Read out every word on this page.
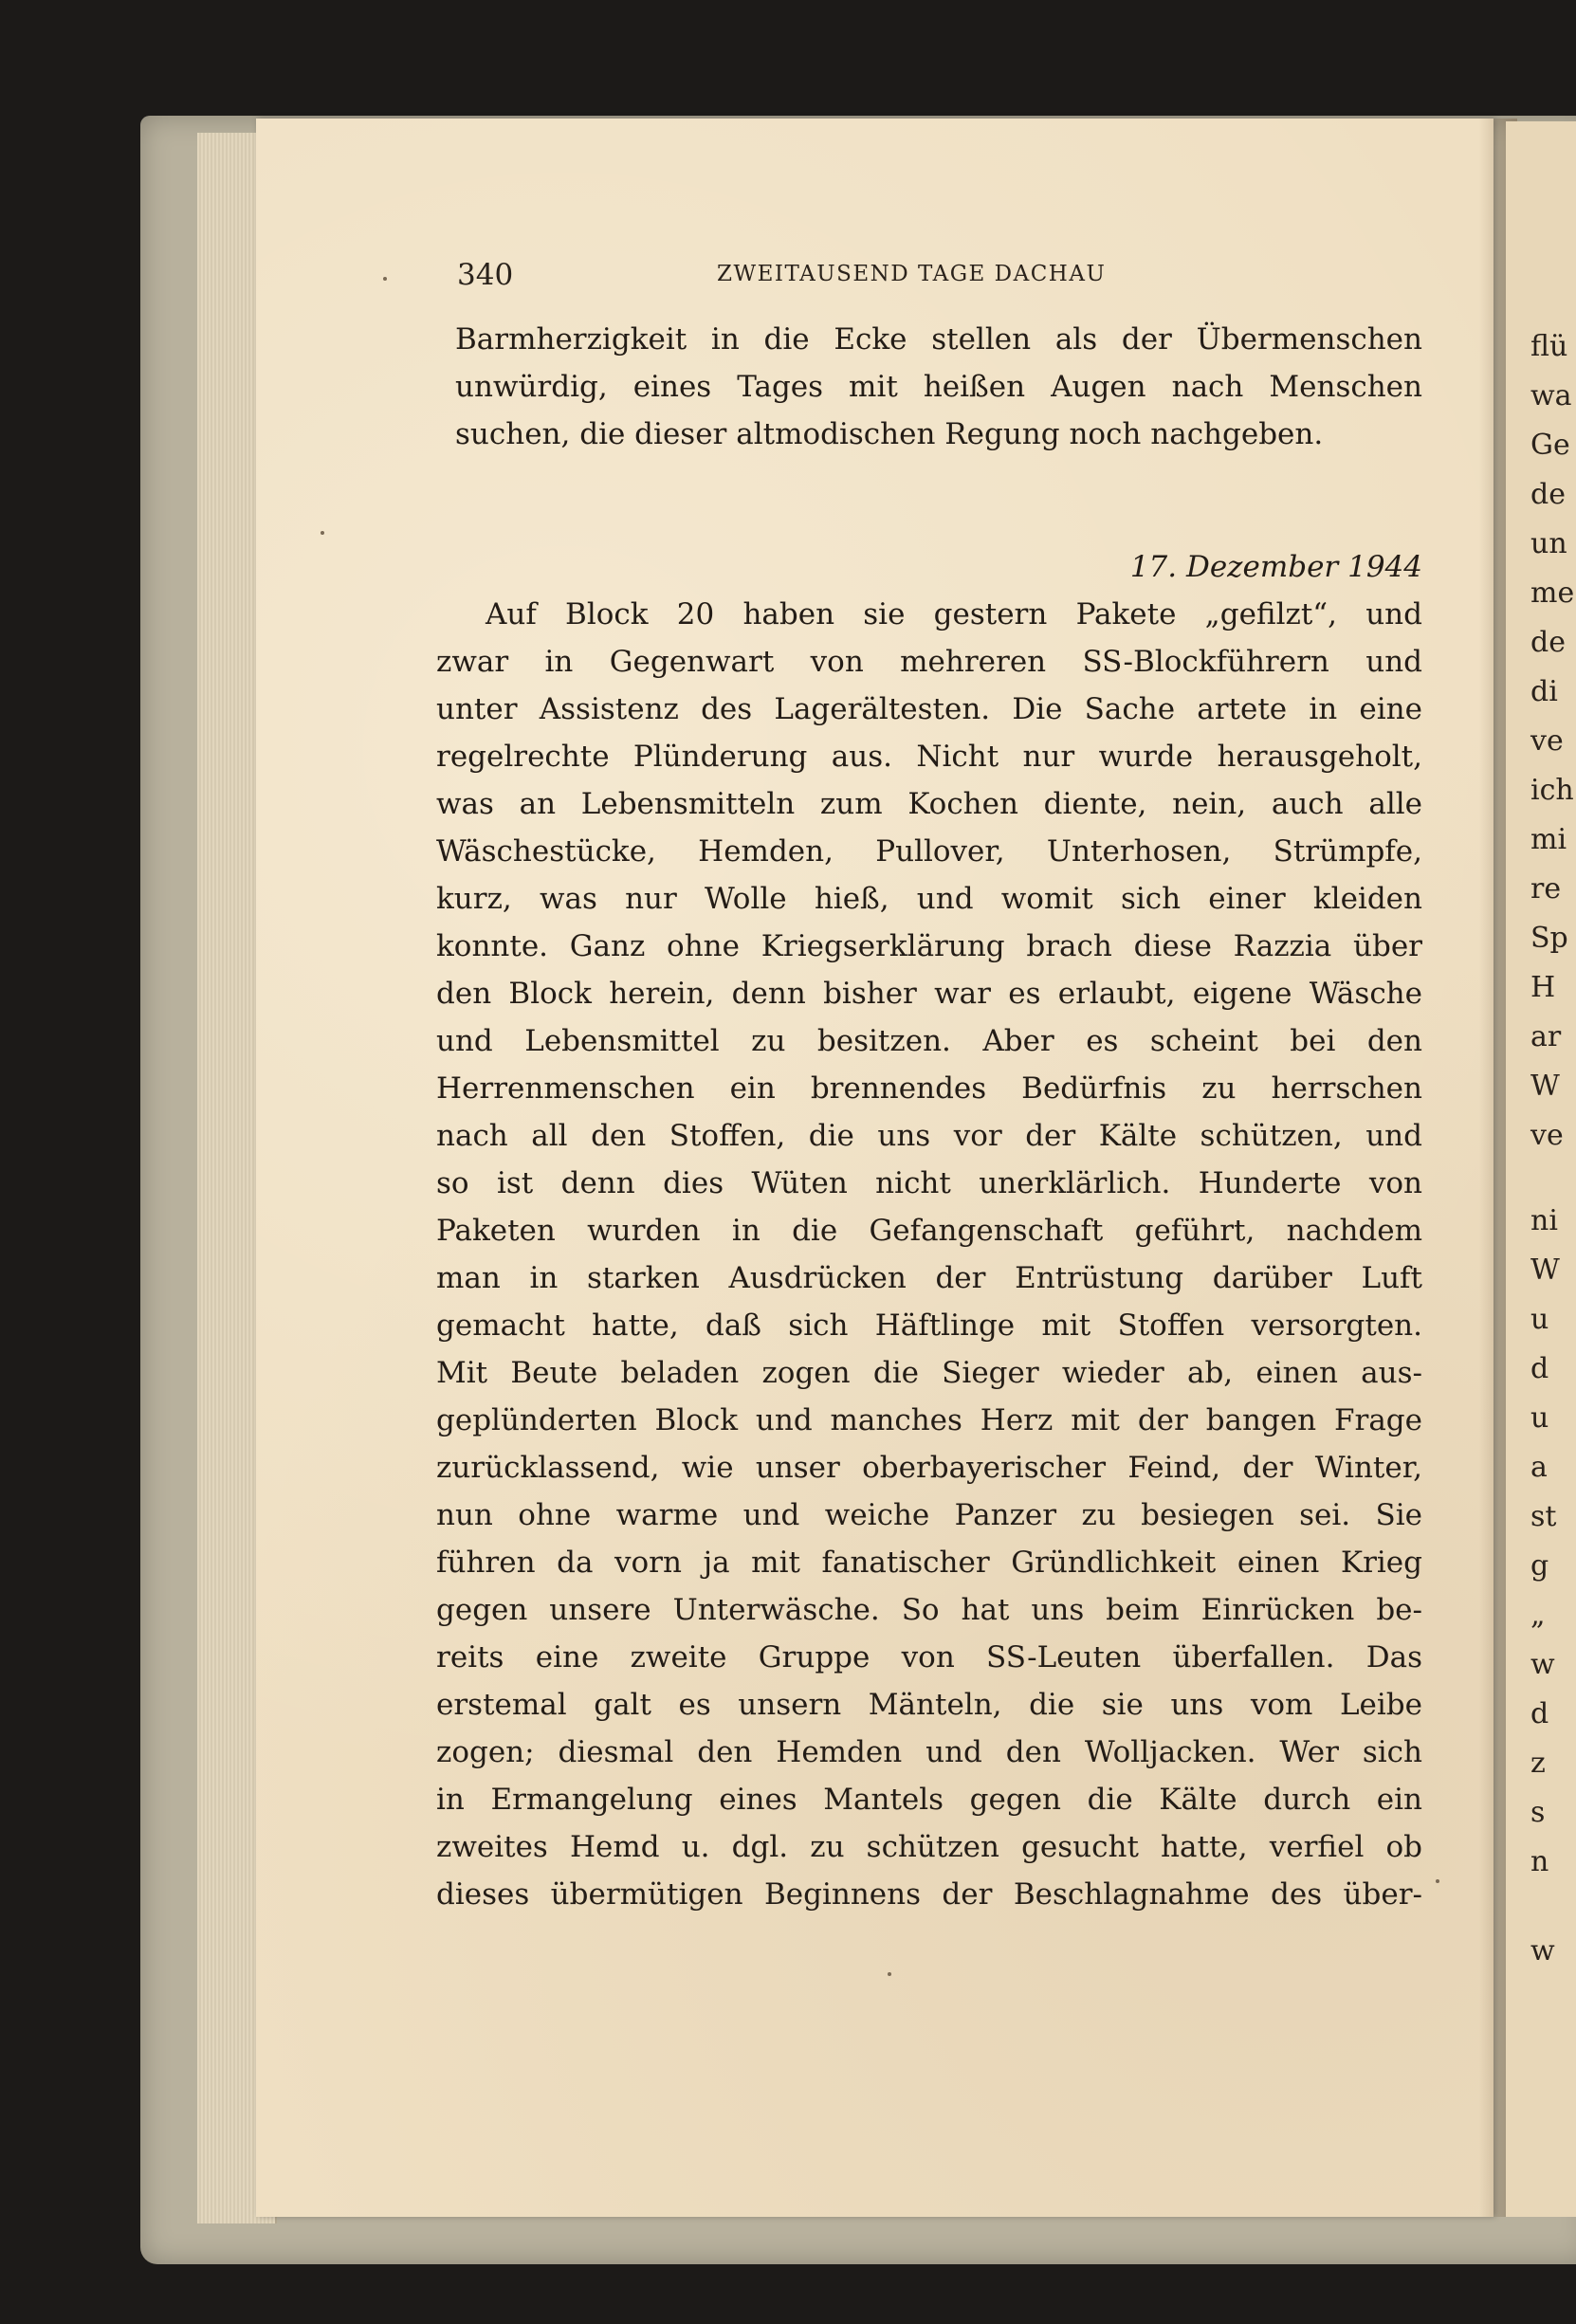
flü
wa
Ge
de
un
me
de
di
ve
ich
mi
re
Sp
H
ar
W
ve
ni
W
u
d
u
a
st
g
„
w
d
z
s
n
w
340	ZWEITAUSEND TAGE DACHAU
Barmherzigkeit in die Ecke stellen als der Übermenschen
unwürdig, eines Tages mit heißen Augen nach Menschen
suchen, die dieser altmodischen Regung noch nachgeben.
17. Dezember 1944
Auf Block 20 haben sie gestern Pakete „gefilzt“, und
zwar in Gegenwart von mehreren SS-Blockführern und
unter Assistenz des Lagerältesten. Die Sache artete in eine
regelrechte Plünderung aus. Nicht nur wurde herausgeholt,
was an Lebensmitteln zum Kochen diente, nein, auch alle
Wäschestücke, Hemden, Pullover, Unterhosen, Strümpfe,
kurz, was nur Wolle hieß, und womit sich einer kleiden
konnte. Ganz ohne Kriegserklärung brach diese Razzia über
den Block herein, denn bisher war es erlaubt, eigene Wäsche
und Lebensmittel zu besitzen. Aber es scheint bei den
Herrenmenschen ein brennendes Bedürfnis zu herrschen
nach all den Stoffen, die uns vor der Kälte schützen, und
so ist denn dies Wüten nicht unerklärlich. Hunderte von
Paketen wurden in die Gefangenschaft geführt, nachdem
man in starken Ausdrücken der Entrüstung darüber Luft
gemacht hatte, daß sich Häftlinge mit Stoffen versorgten.
Mit Beute beladen zogen die Sieger wieder ab, einen aus-
geplünderten Block und manches Herz mit der bangen Frage
zurücklassend, wie unser oberbayerischer Feind, der Winter,
nun ohne warme und weiche Panzer zu besiegen sei. Sie
führen da vorn ja mit fanatischer Gründlichkeit einen Krieg
gegen unsere Unterwäsche. So hat uns beim Einrücken be-
reits eine zweite Gruppe von SS-Leuten überfallen. Das
erstemal galt es unsern Mänteln, die sie uns vom Leibe
zogen; diesmal den Hemden und den Wolljacken. Wer sich
in Ermangelung eines Mantels gegen die Kälte durch ein
zweites Hemd u. dgl. zu schützen gesucht hatte, verfiel ob
dieses übermütigen Beginnens der Beschlagnahme des über-
